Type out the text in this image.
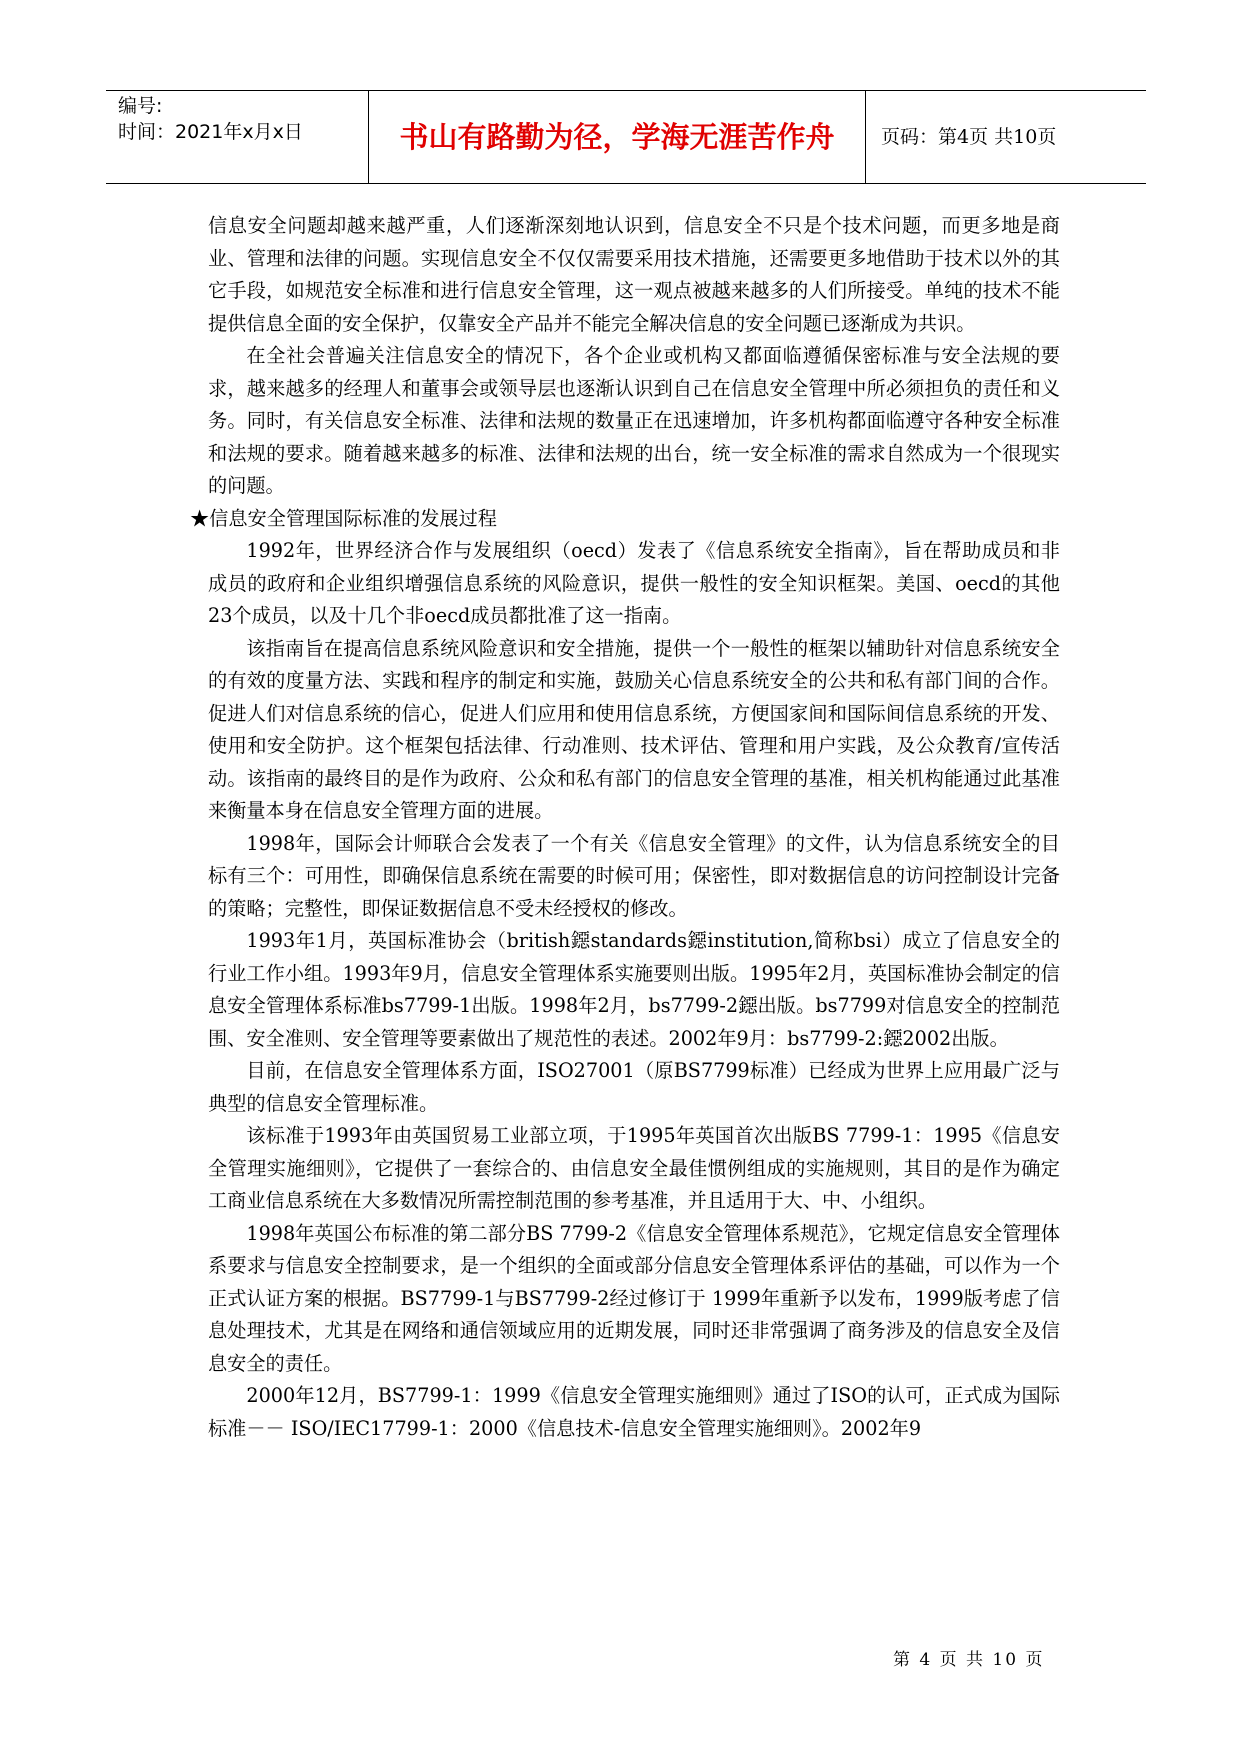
编号:
时间：2021年x月x日	书山有路勤为径，学海无涯苦作舟	页码：第4页 共10页

信息安全问题却越来越严重，人们逐渐深刻地认识到，信息安全不只是个技术问题，而更多地是商业、管理和法律的问题。实现信息安全不仅仅需要采用技术措施，还需要更多地借助于技术以外的其它手段，如规范安全标准和进行信息安全管理，这一观点被越来越多的人们所接受。单纯的技术不能提供信息全面的安全保护，仅靠安全产品并不能完全解决信息的安全问题已逐渐成为共识。

在全社会普遍关注信息安全的情况下，各个企业或机构又都面临遵循保密标准与安全法规的要求，越来越多的经理人和董事会或领导层也逐渐认识到自己在信息安全管理中所必须担负的责任和义务。同时，有关信息安全标准、法律和法规的数量正在迅速增加，许多机构都面临遵守各种安全标准和法规的要求。随着越来越多的标准、法律和法规的出台，统一安全标准的需求自然成为一个很现实的问题。

★信息安全管理国际标准的发展过程

1992年，世界经济合作与发展组织（oecd）发表了《信息系统安全指南》，旨在帮助成员和非成员的政府和企业组织增强信息系统的风险意识，提供一般性的安全知识框架。美国、oecd的其他23个成员，以及十几个非oecd成员都批准了这一指南。

该指南旨在提高信息系统风险意识和安全措施，提供一个一般性的框架以辅助针对信息系统安全的有效的度量方法、实践和程序的制定和实施，鼓励关心信息系统安全的公共和私有部门间的合作。促进人们对信息系统的信心，促进人们应用和使用信息系统，方便国家间和国际间信息系统的开发、使用和安全防护。这个框架包括法律、行动准则、技术评估、管理和用户实践，及公众教育/宣传活动。该指南的最终目的是作为政府、公众和私有部门的信息安全管理的基准，相关机构能通过此基准来衡量本身在信息安全管理方面的进展。

1998年，国际会计师联合会发表了一个有关《信息安全管理》的文件，认为信息系统安全的目标有三个：可用性，即确保信息系统在需要的时候可用；保密性，即对数据信息的访问控制设计完备的策略；完整性，即保证数据信息不受未经授权的修改。

1993年1月，英国标准协会（british鐚standards鐚institution,简称bsi）成立了信息安全的行业工作小组。1993年9月，信息安全管理体系实施要则出版。1995年2月，英国标准协会制定的信息安全管理体系标准bs7799-1出版。1998年2月，bs7799-2鐚出版。bs7799对信息安全的控制范围、安全准则、安全管理等要素做出了规范性的表述。2002年9月：bs7799-2:鐚2002出版。

目前，在信息安全管理体系方面，ISO27001（原BS7799标准）已经成为世界上应用最广泛与典型的信息安全管理标准。

该标准于1993年由英国贸易工业部立项，于1995年英国首次出版BS 7799-1：1995《信息安全管理实施细则》，它提供了一套综合的、由信息安全最佳惯例组成的实施规则，其目的是作为确定工商业信息系统在大多数情况所需控制范围的参考基准，并且适用于大、中、小组织。

1998年英国公布标准的第二部分BS 7799-2《信息安全管理体系规范》，它规定信息安全管理体系要求与信息安全控制要求，是一个组织的全面或部分信息安全管理体系评估的基础，可以作为一个正式认证方案的根据。BS7799-1与BS7799-2经过修订于 1999年重新予以发布，1999版考虑了信息处理技术，尤其是在网络和通信领域应用的近期发展，同时还非常强调了商务涉及的信息安全及信息安全的责任。

2000年12月，BS7799-1：1999《信息安全管理实施细则》通过了ISO的认可，正式成为国际标准－－ ISO/IEC17799-1：2000《信息技术-信息安全管理实施细则》。2002年9

第 4 页 共 10 页
